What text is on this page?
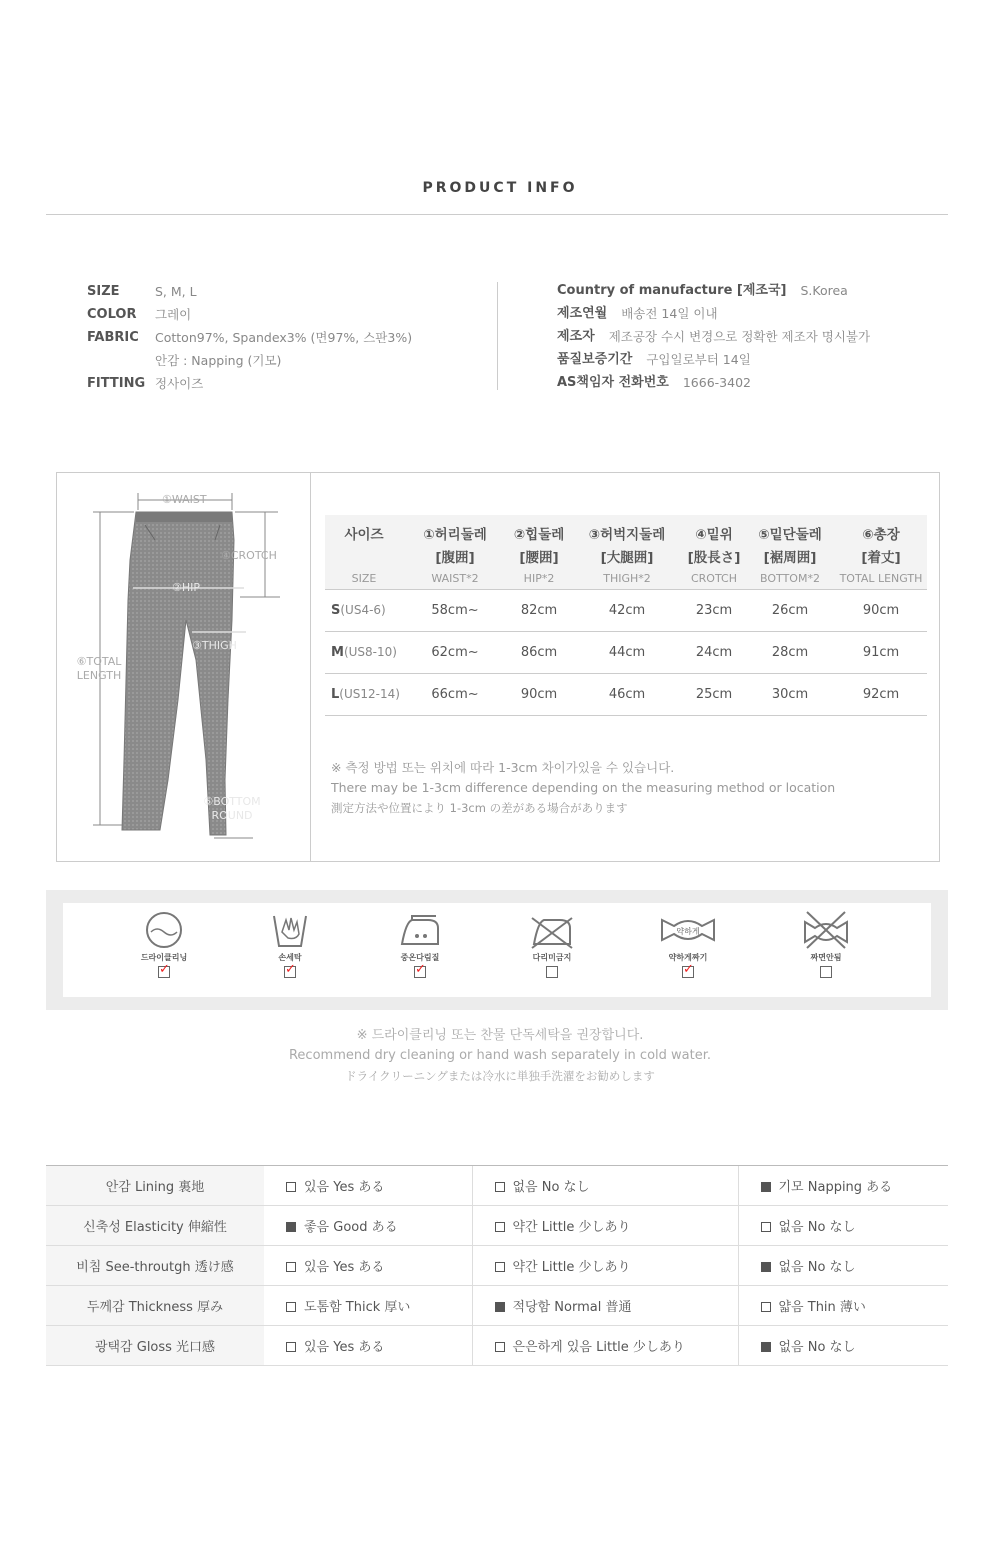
PRODUCT INFO
SIZE	S, M, L
COLOR	그레이
FABRIC	Cotton97%, Spandex3% (면97%, 스판3%)
안감 : Napping (기모)
FITTING 정사이즈
Country of manufacture [제조국] S.Korea
제조연월 배송전 14일 이내
제조자 제조공장 수시 변경으로 정확한 제조자 명시불가
품질보증기간 구입일로부터 14일
AS책임자 전화번호 1666-3402
①WAIST
④CROTCH
②HIP
③THIGH
⑥TOTAL
LENGTH
⑤BOTTOM
ROUND
사이즈	①허리둘레	②힙둘레	③허벅지둘레	④밑위	⑤밑단둘레	⑥총장
	[腹囲]	[腰囲]	[大腿囲]	[股長さ]	[裾周囲]	[着丈]
SIZE	WAIST*2	HIP*2	THIGH*2	CROTCH	BOTTOM*2	TOTAL LENGTH
S(US4-6)	58cm~	82cm	42cm	23cm	26cm	90cm
M(US8-10)	62cm~	86cm	44cm	24cm	28cm	91cm
L(US12-14)	66cm~	90cm	46cm	25cm	30cm	92cm
※ 측정 방법 또는 위치에 따라 1-3cm 차이가있을 수 있습니다.
There may be 1-3cm difference depending on the measuring method or location
測定方法や位置により 1-3cm の差がある場合があります
드라이클리닝
✓	손세탁
✓	중온다림질
✓	다리미금지
약하게
약하게짜기
✓	짜면안됨
※ 드라이클리닝 또는 찬물 단독세탁을 권장합니다.
Recommend dry cleaning or hand wash separately in cold water.
ドライクリーニングまたは冷水に単独手洗濯をお勧めします
안감 Lining 裏地	있음 Yes ある	없음 No なし	기모 Napping ある
신축성 Elasticity 伸縮性	좋음 Good ある	약간 Little 少しあり	없음 No なし
비침 See-throutgh 透け感	있음 Yes ある	약간 Little 少しあり	없음 No なし
두께감 Thickness 厚み	도톰함 Thick 厚い	적당함 Normal 普通	얇음 Thin 薄い
광택감 Gloss 光口感	있음 Yes ある	은은하게 있음 Little 少しあり	없음 No なし
